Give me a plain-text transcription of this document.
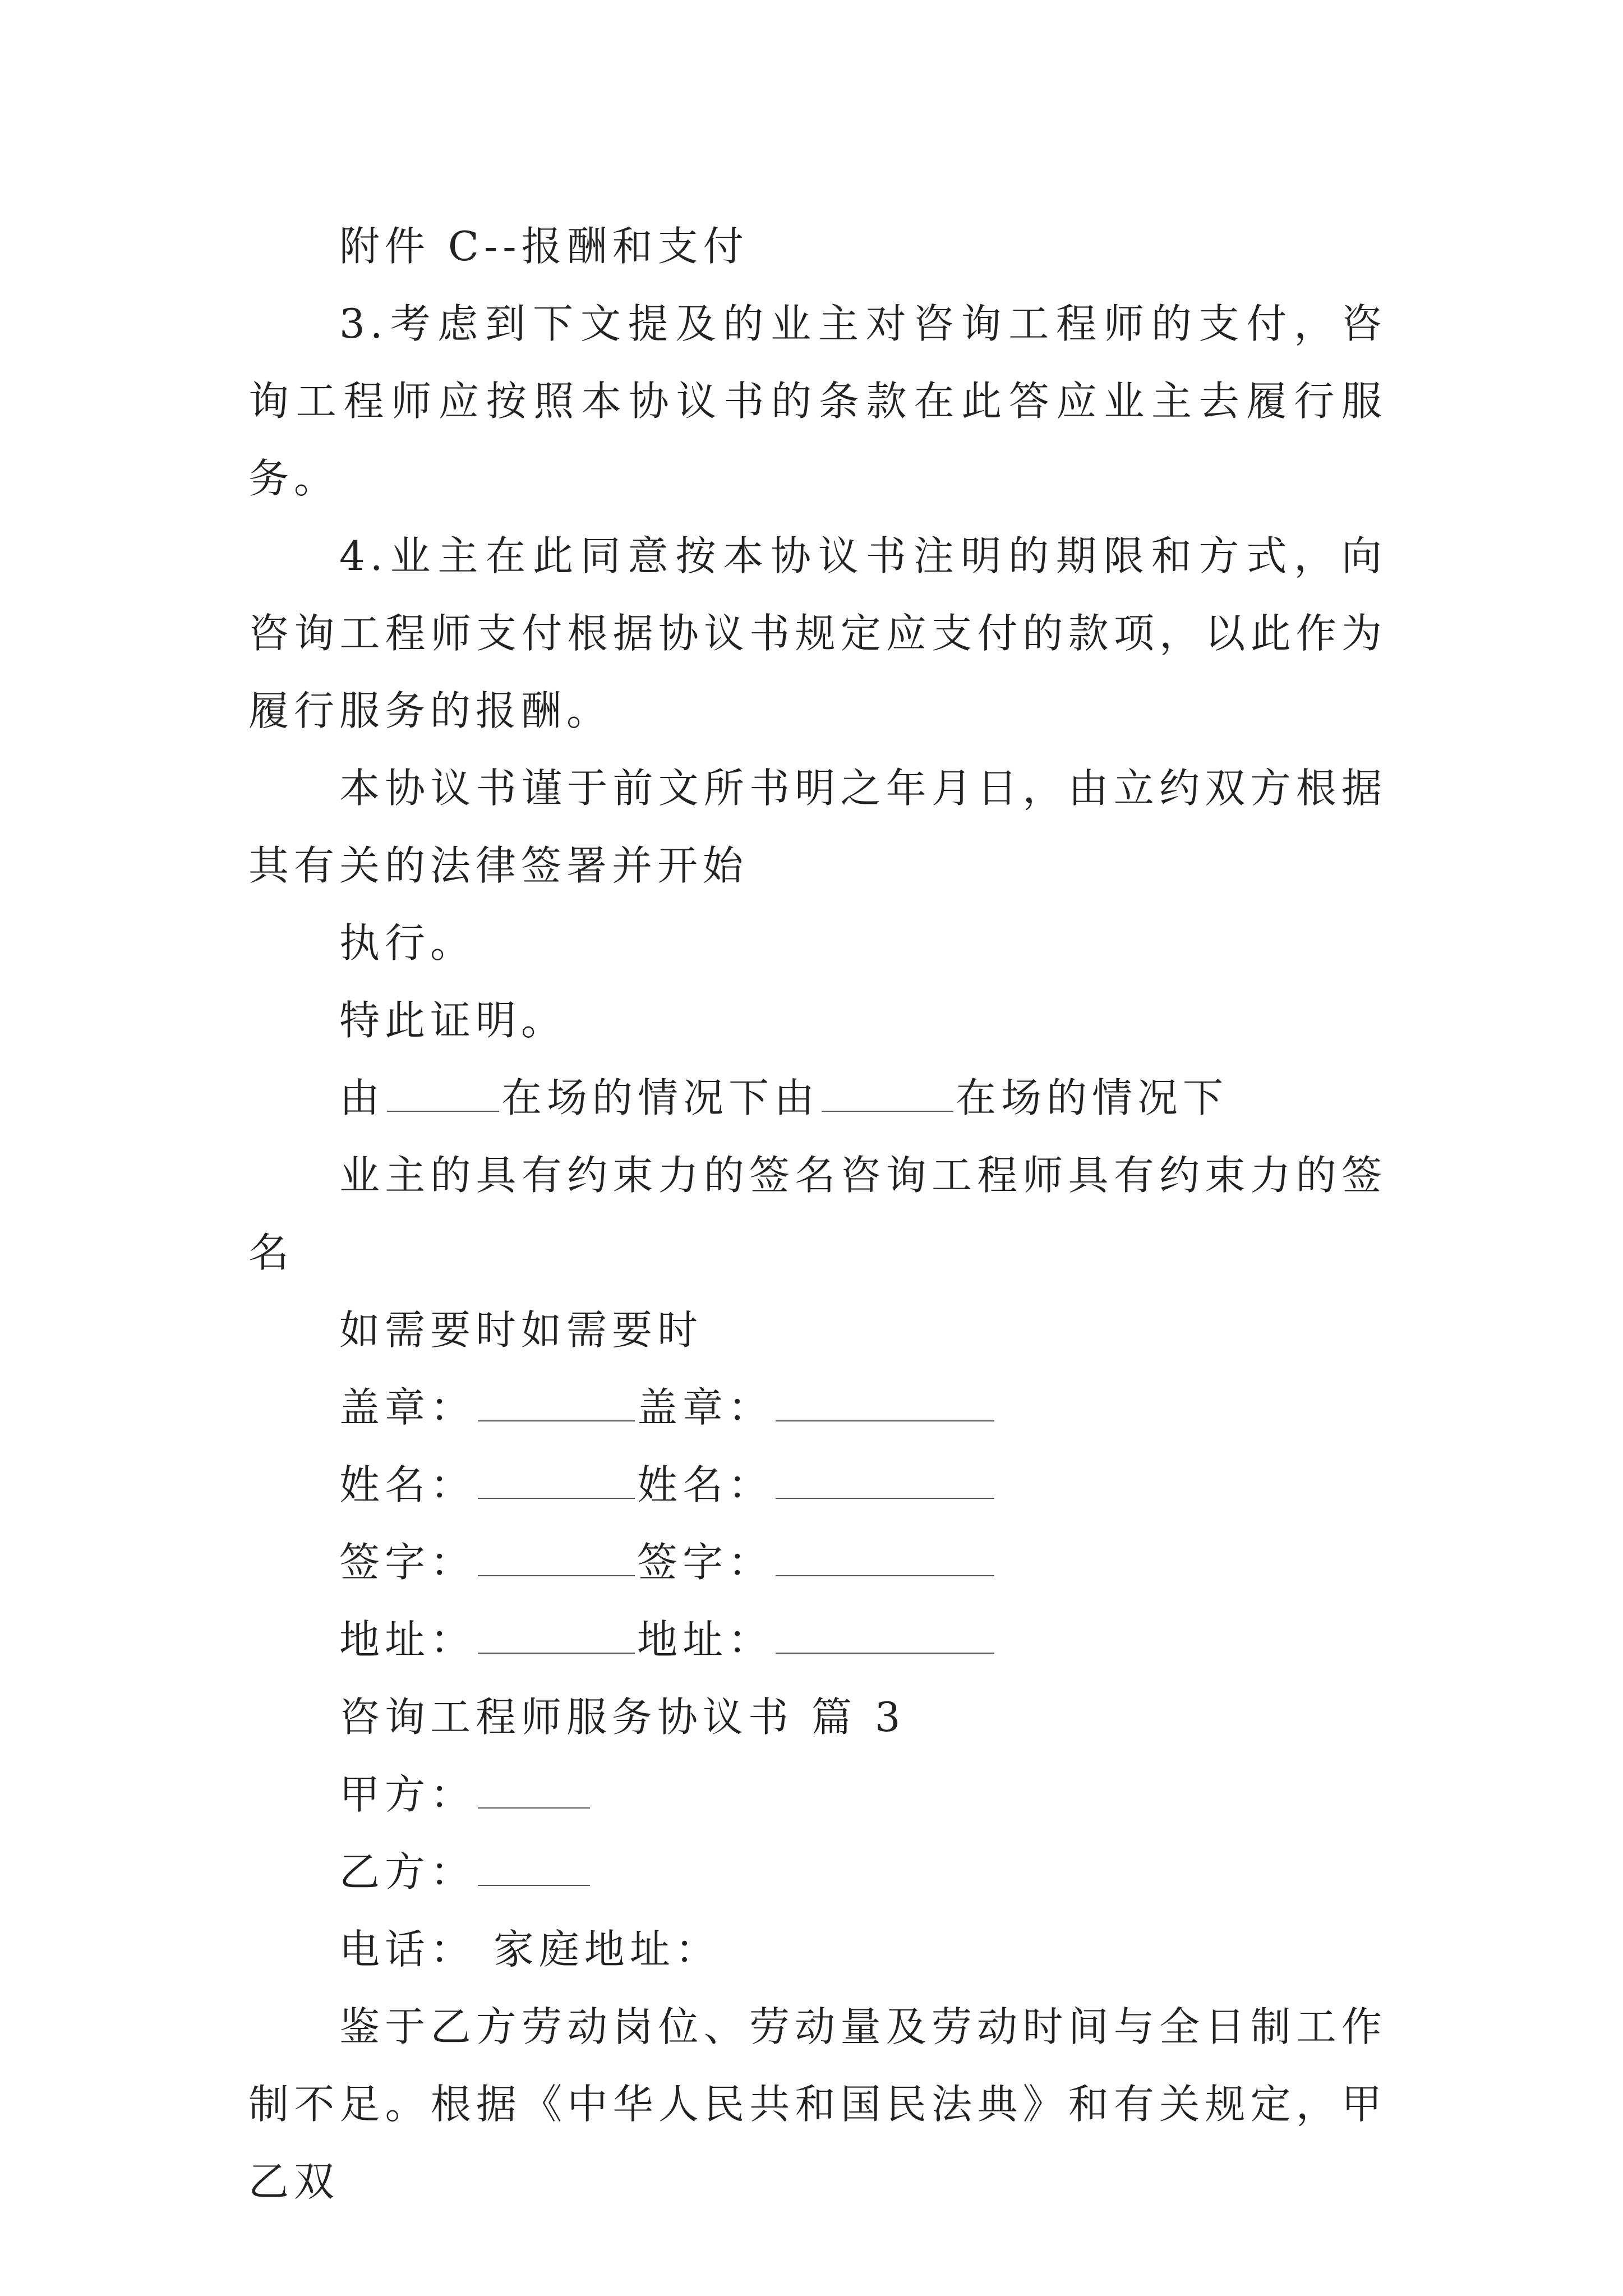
附件 C--报酬和支付

3.考虑到下文提及的业主对咨询工程师的支付，咨询工程师应按照本协议书的条款在此答应业主去履行服务。

4.业主在此同意按本协议书注明的期限和方式，向咨询工程师支付根据协议书规定应支付的款项，以此作为履行服务的报酬。

本协议书谨于前文所书明之年月日，由立约双方根据其有关的法律签署并开始

执行。

特此证明。

由	在场的情况下由	在场的情况下

业主的具有约束力的签名咨询工程师具有约束力的签名

如需要时如需要时

盖章：	盖章：

姓名：	姓名：

签字：	签字：

地址：	地址：

咨询工程师服务协议书 篇 3

甲方：

乙方：

电话： 家庭地址：

鉴于乙方劳动岗位、劳动量及劳动时间与全日制工作制不足。根据《中华人民共和国民法典》和有关规定，甲乙双
